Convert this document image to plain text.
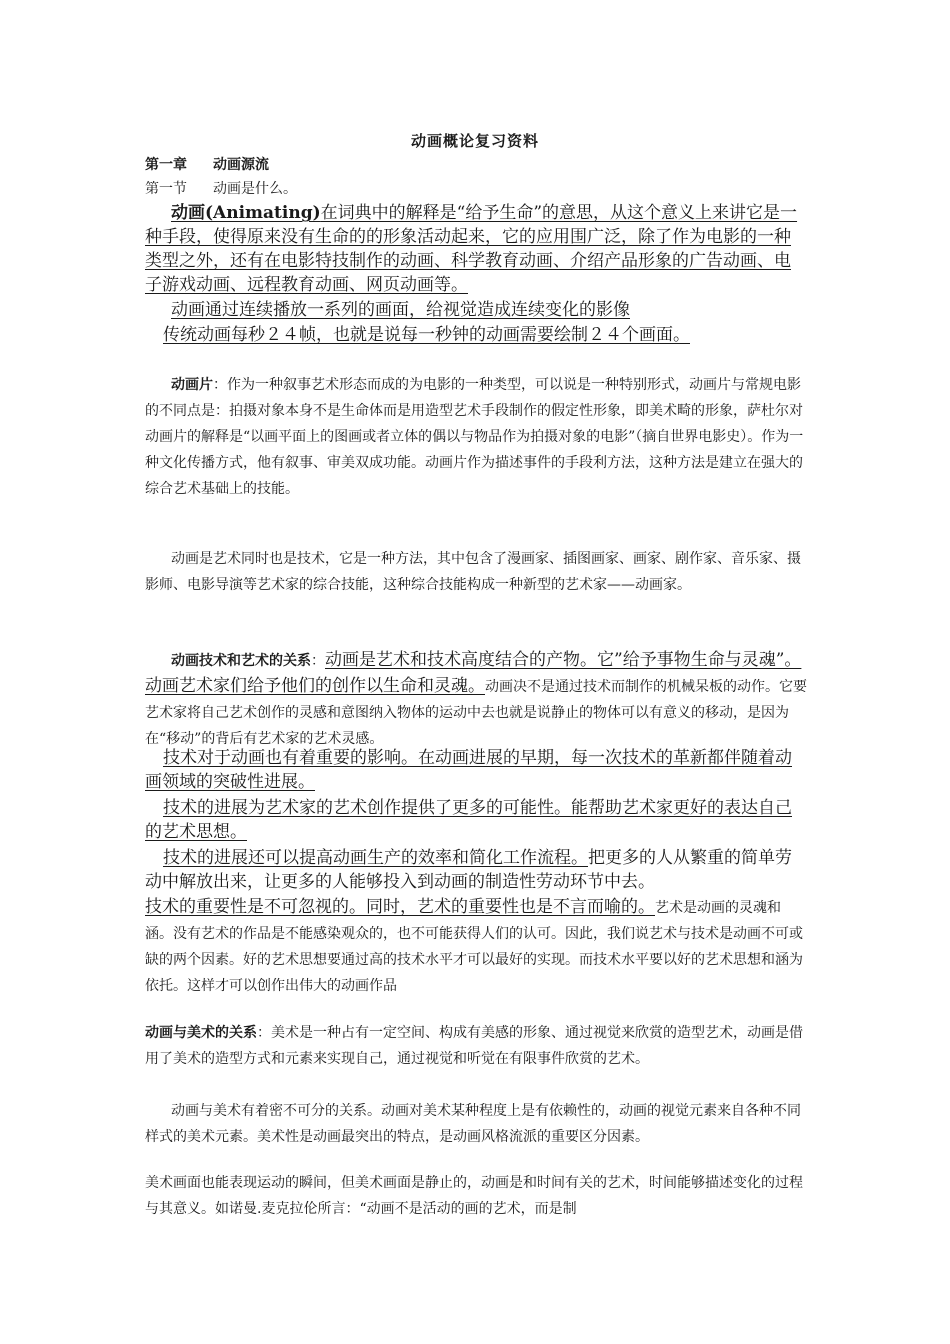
动画概论复习资料
第一章 动画源流
第一节 动画是什么。

动画(Animating)在词典中的解释是“给予生命”的意思，从这个意义上来讲它是一种手段，使得原来没有生命的的形象活动起来，它的应用围广泛，除了作为电影的一种类型之外，还有在电影特技制作的动画、科学教育动画、介绍产品形象的广告动画、电子游戏动画、远程教育动画、网页动画等。

动画通过连续播放一系列的画面，给视觉造成连续变化的影像

传统动画每秒２４帧，也就是说每一秒钟的动画需要绘制２４个画面。

动画片：作为一种叙事艺术形态而成的为电影的一种类型，可以说是一种特别形式，动画片与常规电影的不同点是：拍摄对象本身不是生命体而是用造型艺术手段制作的假定性形象，即美术畸的形象，萨杜尔对动画片的解释是“以画平面上的图画或者立体的偶以与物品作为拍摄对象的电影”（摘自世界电影史）。作为一种文化传播方式，他有叙事、审美双成功能。动画片作为描述事件的手段利方法，这种方法是建立在强大的综合艺术基础上的技能。

动画是艺术同时也是技术，它是一种方法，其中包含了漫画家、插图画家、画家、剧作家、音乐家、摄影师、电影导演等艺术家的综合技能，这种综合技能构成一种新型的艺术家——动画家。

动画技术和艺术的关系：动画是艺术和技术高度结合的产物。它”给予事物生命与灵魂”。动画艺术家们给予他们的创作以生命和灵魂。动画决不是通过技术而制作的机械呆板的动作。它要艺术家将自己艺术创作的灵感和意图纳入物体的运动中去也就是说静止的物体可以有意义的移动，是因为在“移动”的背后有艺术家的艺术灵感。

技术对于动画也有着重要的影响。在动画进展的早期，每一次技术的革新都伴随着动画领域的突破性进展。

技术的进展为艺术家的艺术创作提供了更多的可能性。能帮助艺术家更好的表达自己的艺术思想。

技术的进展还可以提高动画生产的效率和简化工作流程。把更多的人从繁重的简单劳动中解放出来，让更多的人能够投入到动画的制造性劳动环节中去。

技术的重要性是不可忽视的。同时，艺术的重要性也是不言而喻的。艺术是动画的灵魂和涵。没有艺术的作品是不能感染观众的，也不可能获得人们的认可。因此，我们说艺术与技术是动画不可或缺的两个因素。好的艺术思想要通过高的技术水平才可以最好的实现。而技术水平要以好的艺术思想和涵为依托。这样才可以创作出伟大的动画作品

动画与美术的关系：美术是一种占有一定空间、构成有美感的形象、通过视觉来欣赏的造型艺术，动画是借用了美术的造型方式和元素来实现自己，通过视觉和听觉在有限事件欣赏的艺术。

动画与美术有着密不可分的关系。动画对美术某种程度上是有依赖性的，动画的视觉元素来自各种不同样式的美术元素。美术性是动画最突出的特点，是动画风格流派的重要区分因素。

美术画面也能表现运动的瞬间，但美术画面是静止的，动画是和时间有关的艺术，时间能够描述变化的过程与其意义。如诺曼.麦克拉伦所言：“动画不是活动的画的艺术，而是制
